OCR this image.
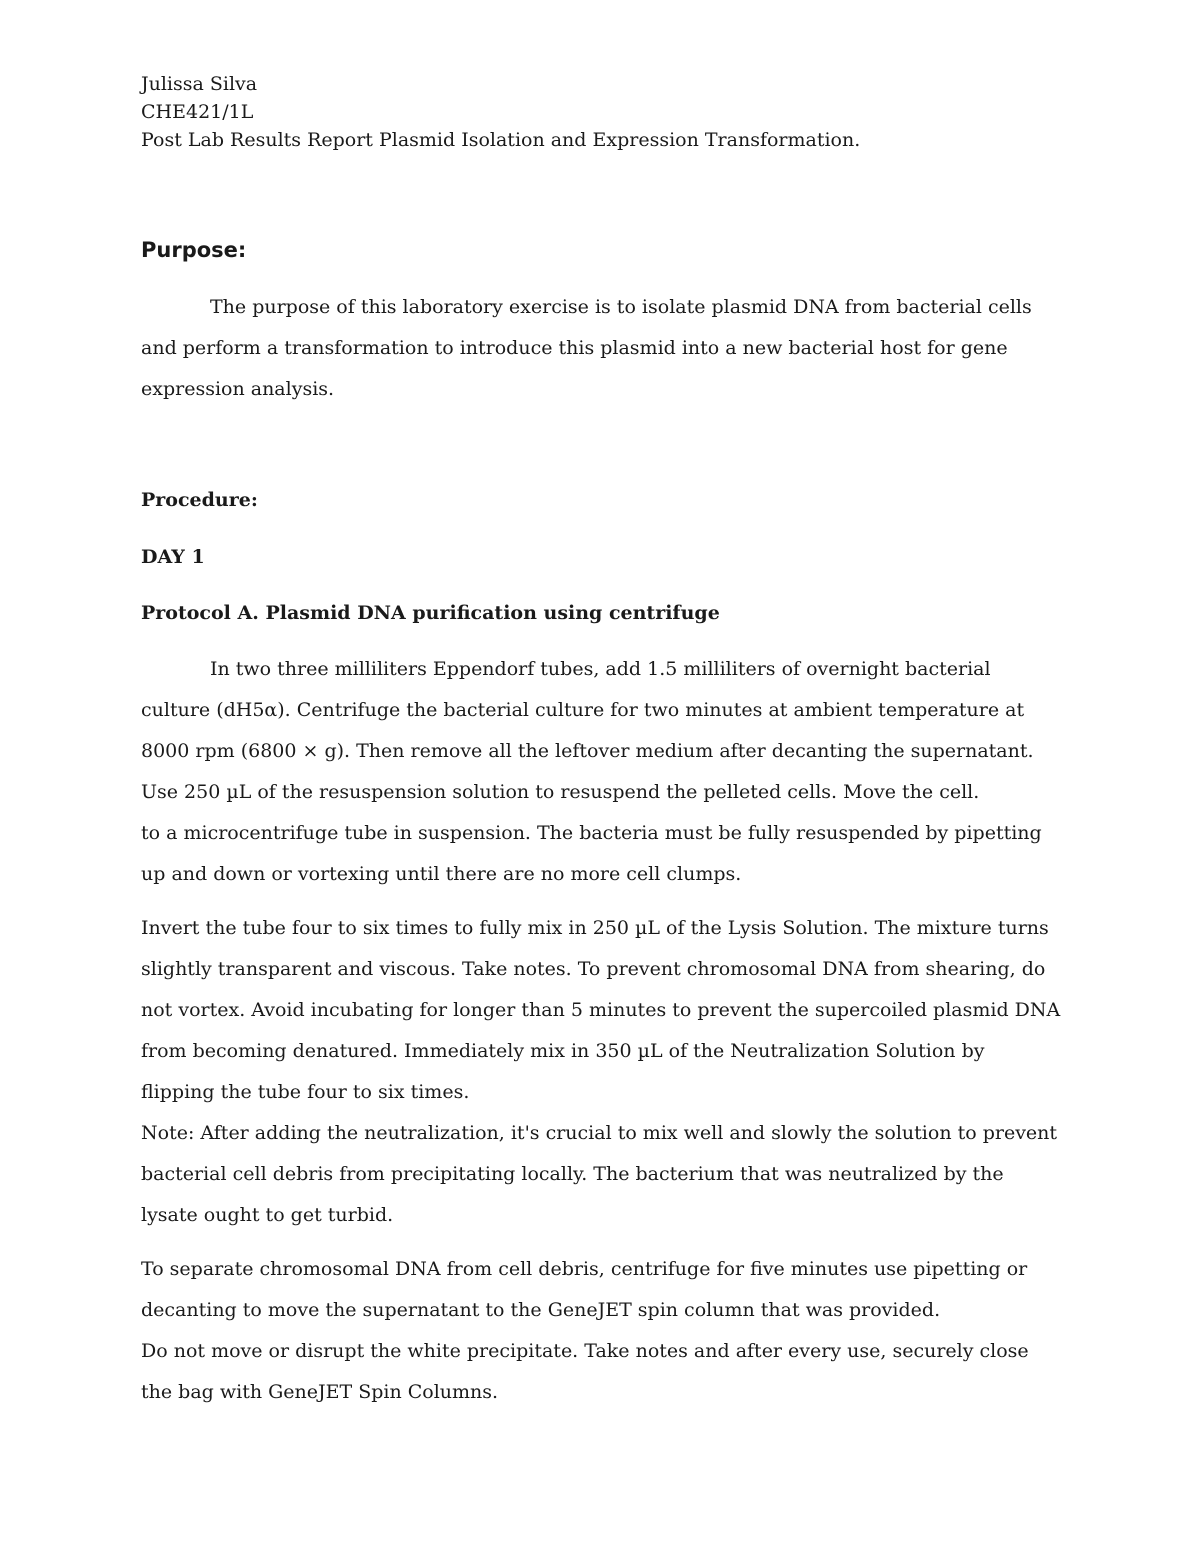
Julissa Silva

CHE421/1L

Post Lab Results Report Plasmid Isolation and Expression Transformation.

Purpose:

The purpose of this laboratory exercise is to isolate plasmid DNA from bacterial cells and perform a transformation to introduce this plasmid into a new bacterial host for gene expression analysis.

Procedure:
DAY 1
Protocol A. Plasmid DNA purification using centrifuge

In two three milliliters Eppendorf tubes, add 1.5 milliliters of overnight bacterial culture (dH5α). Centrifuge the bacterial culture for two minutes at ambient temperature at 8000 rpm (6800 × g). Then remove all the leftover medium after decanting the supernatant. Use 250 µL of the resuspension solution to resuspend the pelleted cells. Move the cell.

to a microcentrifuge tube in suspension. The bacteria must be fully resuspended by pipetting up and down or vortexing until there are no more cell clumps.

Invert the tube four to six times to fully mix in 250 µL of the Lysis Solution. The mixture turns slightly transparent and viscous. Take notes. To prevent chromosomal DNA from shearing, do not vortex. Avoid incubating for longer than 5 minutes to prevent the supercoiled plasmid DNA from becoming denatured. Immediately mix in 350 µL of the Neutralization Solution by flipping the tube four to six times.

Note: After adding the neutralization, it's crucial to mix well and slowly the solution to prevent bacterial cell debris from precipitating locally. The bacterium that was neutralized by the lysate ought to get turbid.

To separate chromosomal DNA from cell debris, centrifuge for five minutes use pipetting or decanting to move the supernatant to the GeneJET spin column that was provided.

Do not move or disrupt the white precipitate. Take notes and after every use, securely close the bag with GeneJET Spin Columns.
